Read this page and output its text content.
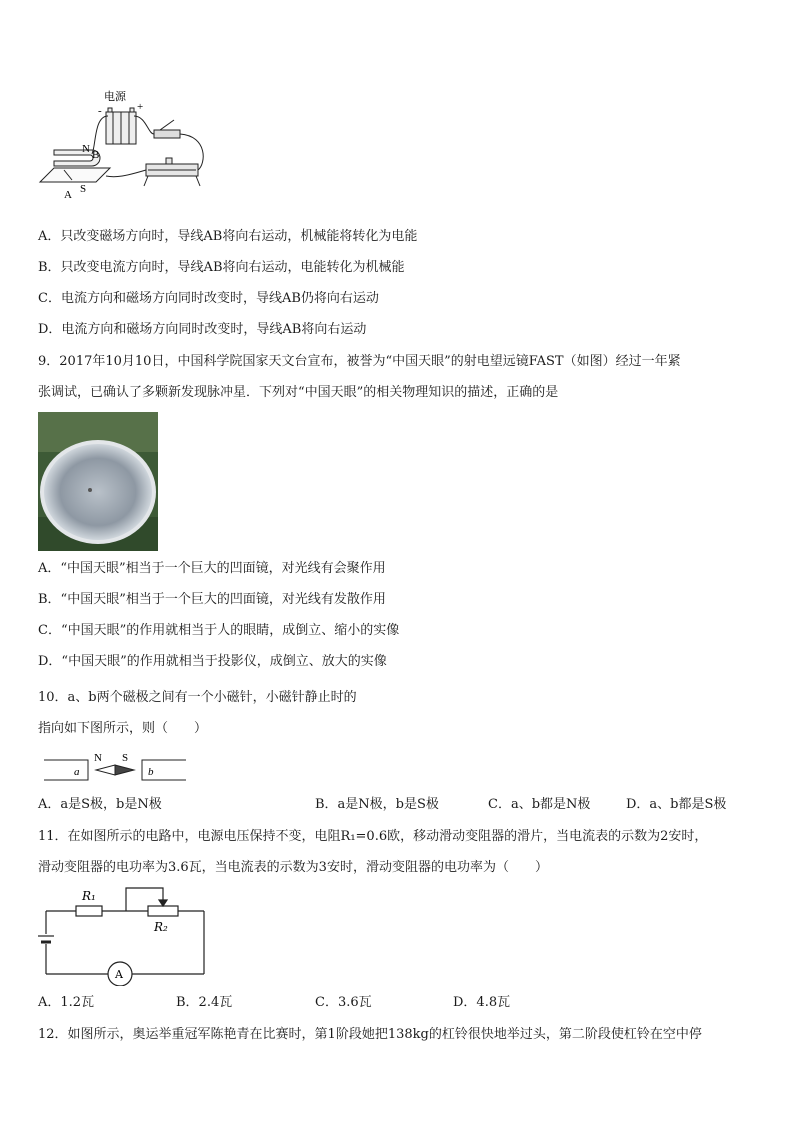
电源
-	+
N B
A S
A．只改变磁场方向时，导线AB将向右运动，机械能将转化为电能
B．只改变电流方向时，导线AB将向右运动，电能转化为机械能
C．电流方向和磁场方向同时改变时，导线AB仍将向右运动
D．电流方向和磁场方向同时改变时，导线AB将向右运动
9．2017年10月10日，中国科学院国家天文台宣布，被誉为“中国天眼”的射电望远镜FAST（如图）经过一年紧
张调试，已确认了多颗新发现脉冲星．下列对“中国天眼”的相关物理知识的描述，正确的是
A．“中国天眼”相当于一个巨大的凹面镜，对光线有会聚作用
B．“中国天眼”相当于一个巨大的凹面镜，对光线有发散作用
C．“中国天眼”的作用就相当于人的眼睛，成倒立、缩小的实像
D．“中国天眼”的作用就相当于投影仪，成倒立、放大的实像
10．a、b两个磁极之间有一个小磁针，小磁针静止时的
指向如下图所示，则（　　）
a	b
N S
A．a是S极，b是N极	B．a是N极，b是S极	C．a、b都是N极	D．a、b都是S极
11．在如图所示的电路中，电源电压保持不变，电阻R₁=0.6欧，移动滑动变阻器的滑片，当电流表的示数为2安时，
滑动变阻器的电功率为3.6瓦，当电流表的示数为3安时，滑动变阻器的电功率为（　　）
R₁
R₂
A
A．1.2瓦	B．2.4瓦	C．3.6瓦	D．4.8瓦
12．如图所示，奥运举重冠军陈艳青在比赛时，第1阶段她把138kg的杠铃很快地举过头，第二阶段使杠铃在空中停
